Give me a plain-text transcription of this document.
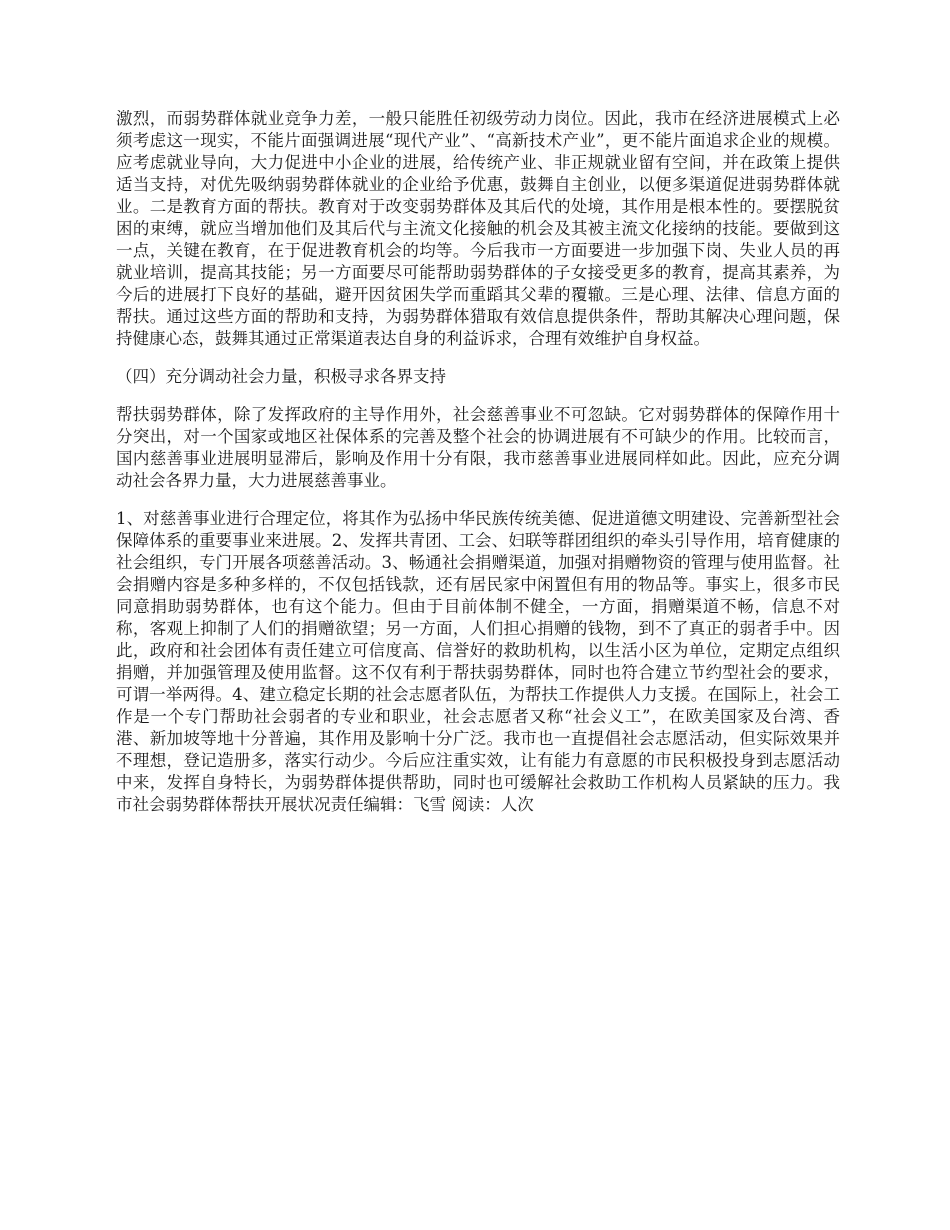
激烈，而弱势群体就业竞争力差，一般只能胜任初级劳动力岗位。因此，我市在经济进展模式上必须考虑这一现实，不能片面强调进展“现代产业”、“高新技术产业”，更不能片面追求企业的规模。应考虑就业导向，大力促进中小企业的进展，给传统产业、非正规就业留有空间，并在政策上提供适当支持，对优先吸纳弱势群体就业的企业给予优惠，鼓舞自主创业，以便多渠道促进弱势群体就业。二是教育方面的帮扶。教育对于改变弱势群体及其后代的处境，其作用是根本性的。要摆脱贫困的束缚，就应当增加他们及其后代与主流文化接触的机会及其被主流文化接纳的技能。要做到这一点，关键在教育，在于促进教育机会的均等。今后我市一方面要进一步加强下岗、失业人员的再就业培训，提高其技能；另一方面要尽可能帮助弱势群体的子女接受更多的教育，提高其素养，为今后的进展打下良好的基础，避开因贫困失学而重蹈其父辈的覆辙。三是心理、法律、信息方面的帮扶。通过这些方面的帮助和支持，为弱势群体猎取有效信息提供条件，帮助其解决心理问题，保持健康心态，鼓舞其通过正常渠道表达自身的利益诉求，合理有效维护自身权益。

（四）充分调动社会力量，积极寻求各界支持

帮扶弱势群体，除了发挥政府的主导作用外，社会慈善事业不可忽缺。它对弱势群体的保障作用十分突出，对一个国家或地区社保体系的完善及整个社会的协调进展有不可缺少的作用。比较而言，国内慈善事业进展明显滞后，影响及作用十分有限，我市慈善事业进展同样如此。因此，应充分调动社会各界力量，大力进展慈善事业。

1、对慈善事业进行合理定位，将其作为弘扬中华民族传统美德、促进道德文明建设、完善新型社会保障体系的重要事业来进展。2、发挥共青团、工会、妇联等群团组织的牵头引导作用，培育健康的社会组织，专门开展各项慈善活动。3、畅通社会捐赠渠道，加强对捐赠物资的管理与使用监督。社会捐赠内容是多种多样的，不仅包括钱款，还有居民家中闲置但有用的物品等。事实上，很多市民同意捐助弱势群体，也有这个能力。但由于目前体制不健全，一方面，捐赠渠道不畅，信息不对称，客观上抑制了人们的捐赠欲望；另一方面，人们担心捐赠的钱物，到不了真正的弱者手中。因此，政府和社会团体有责任建立可信度高、信誉好的救助机构，以生活小区为单位，定期定点组织捐赠，并加强管理及使用监督。这不仅有利于帮扶弱势群体，同时也符合建立节约型社会的要求，可谓一举两得。4、建立稳定长期的社会志愿者队伍，为帮扶工作提供人力支援。在国际上，社会工作是一个专门帮助社会弱者的专业和职业，社会志愿者又称“社会义工”，在欧美国家及台湾、香港、新加坡等地十分普遍，其作用及影响十分广泛。我市也一直提倡社会志愿活动，但实际效果并不理想，登记造册多，落实行动少。今后应注重实效，让有能力有意愿的市民积极投身到志愿活动中来，发挥自身特长，为弱势群体提供帮助，同时也可缓解社会救助工作机构人员紧缺的压力。我市社会弱势群体帮扶开展状况责任编辑：飞雪 阅读：人次
